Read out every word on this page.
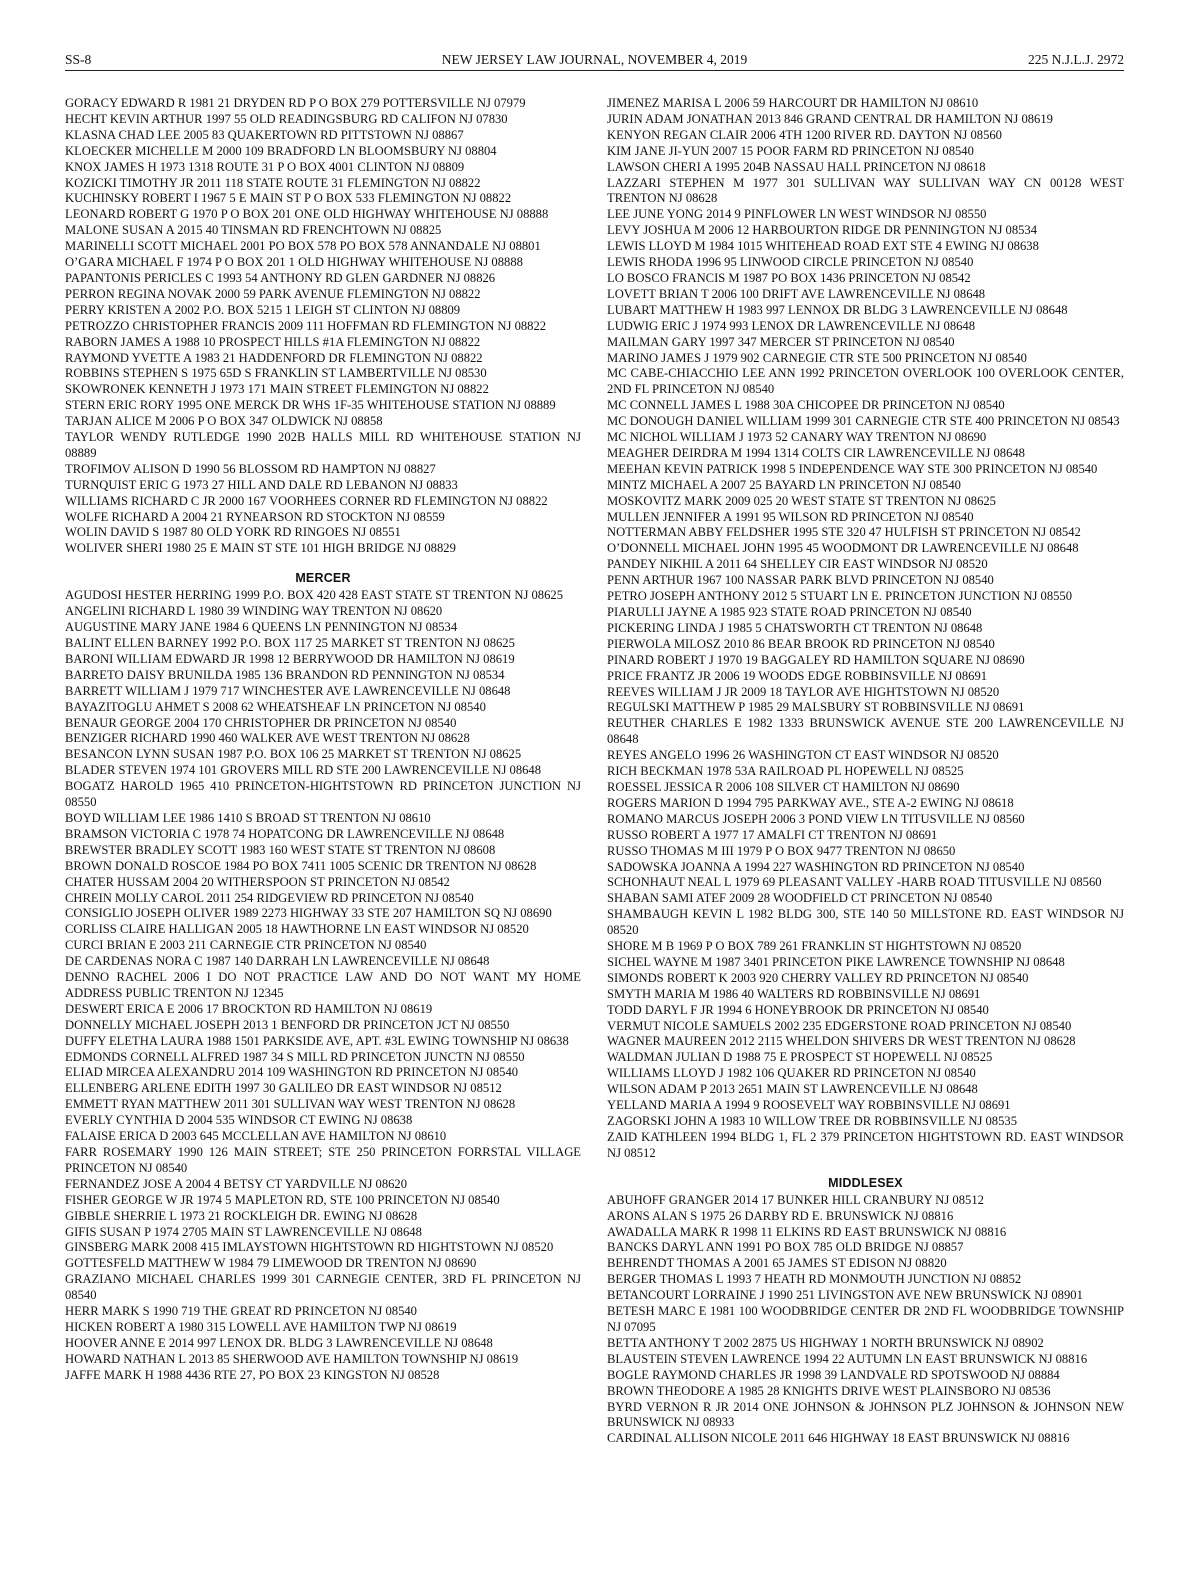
SS-8	NEW JERSEY LAW JOURNAL, NOVEMBER 4, 2019	225 N.J.L.J. 2972

GORACY EDWARD R 1981 21 DRYDEN RD P O BOX 279 POTTERSVILLE NJ 07979

HECHT KEVIN ARTHUR 1997 55 OLD READINGSBURG RD CALIFON NJ 07830

KLASNA CHAD LEE 2005 83 QUAKERTOWN RD PITTSTOWN NJ 08867

KLOECKER MICHELLE M 2000 109 BRADFORD LN BLOOMSBURY NJ 08804

KNOX JAMES H 1973 1318 ROUTE 31 P O BOX 4001 CLINTON NJ 08809

KOZICKI TIMOTHY JR 2011 118 STATE ROUTE 31 FLEMINGTON NJ 08822

KUCHINSKY ROBERT I 1967 5 E MAIN ST P O BOX 533 FLEMINGTON NJ 08822

LEONARD ROBERT G 1970 P O BOX 201 ONE OLD HIGHWAY WHITEHOUSE NJ 08888

MALONE SUSAN A 2015 40 TINSMAN RD FRENCHTOWN NJ 08825

MARINELLI SCOTT MICHAEL 2001 PO BOX 578 PO BOX 578 ANNANDALE NJ 08801

O’GARA MICHAEL F 1974 P O BOX 201 1 OLD HIGHWAY WHITEHOUSE NJ 08888

PAPANTONIS PERICLES C 1993 54 ANTHONY RD GLEN GARDNER NJ 08826

PERRON REGINA NOVAK 2000 59 PARK AVENUE FLEMINGTON NJ 08822

PERRY KRISTEN A 2002 P.O. BOX 5215 1 LEIGH ST CLINTON NJ 08809

PETROZZO CHRISTOPHER FRANCIS 2009 111 HOFFMAN RD FLEMINGTON NJ 08822

RABORN JAMES A 1988 10 PROSPECT HILLS #1A FLEMINGTON NJ 08822

RAYMOND YVETTE A 1983 21 HADDENFORD DR FLEMINGTON NJ 08822

ROBBINS STEPHEN S 1975 65D S FRANKLIN ST LAMBERTVILLE NJ 08530

SKOWRONEK KENNETH J 1973 171 MAIN STREET FLEMINGTON NJ 08822

STERN ERIC RORY 1995 ONE MERCK DR WHS 1F-35 WHITEHOUSE STATION NJ 08889

TARJAN ALICE M 2006 P O BOX 347 OLDWICK NJ 08858

TAYLOR WENDY RUTLEDGE 1990 202B HALLS MILL RD WHITEHOUSE STATION NJ 08889

TROFIMOV ALISON D 1990 56 BLOSSOM RD HAMPTON NJ 08827

TURNQUIST ERIC G 1973 27 HILL AND DALE RD LEBANON NJ 08833

WILLIAMS RICHARD C JR 2000 167 VOORHEES CORNER RD FLEMINGTON NJ 08822

WOLFE RICHARD A 2004 21 RYNEARSON RD STOCKTON NJ 08559

WOLIN DAVID S 1987 80 OLD YORK RD RINGOES NJ 08551

WOLIVER SHERI 1980 25 E MAIN ST STE 101 HIGH BRIDGE NJ 08829

MERCER

AGUDOSI HESTER HERRING 1999 P.O. BOX 420 428 EAST STATE ST TRENTON NJ 08625

ANGELINI RICHARD L 1980 39 WINDING WAY TRENTON NJ 08620

AUGUSTINE MARY JANE 1984 6 QUEENS LN PENNINGTON NJ 08534

BALINT ELLEN BARNEY 1992 P.O. BOX 117 25 MARKET ST TRENTON NJ 08625

BARONI WILLIAM EDWARD JR 1998 12 BERRYWOOD DR HAMILTON NJ 08619

BARRETO DAISY BRUNILDA 1985 136 BRANDON RD PENNINGTON NJ 08534

BARRETT WILLIAM J 1979 717 WINCHESTER AVE LAWRENCEVILLE NJ 08648

BAYAZITOGLU AHMET S 2008 62 WHEATSHEAF LN PRINCETON NJ 08540

BENAUR GEORGE 2004 170 CHRISTOPHER DR PRINCETON NJ 08540

BENZIGER RICHARD 1990 460 WALKER AVE WEST TRENTON NJ 08628

BESANCON LYNN SUSAN 1987 P.O. BOX 106 25 MARKET ST TRENTON NJ 08625

BLADER STEVEN 1974 101 GROVERS MILL RD STE 200 LAWRENCEVILLE NJ 08648

BOGATZ HAROLD 1965 410 PRINCETON-HIGHTSTOWN RD PRINCETON JUNCTION NJ 08550

BOYD WILLIAM LEE 1986 1410 S BROAD ST TRENTON NJ 08610

BRAMSON VICTORIA C 1978 74 HOPATCONG DR LAWRENCEVILLE NJ 08648

BREWSTER BRADLEY SCOTT 1983 160 WEST STATE ST TRENTON NJ 08608

BROWN DONALD ROSCOE 1984 PO BOX 7411 1005 SCENIC DR TRENTON NJ 08628

CHATER HUSSAM 2004 20 WITHERSPOON ST PRINCETON NJ 08542

CHREIN MOLLY CAROL 2011 254 RIDGEVIEW RD PRINCETON NJ 08540

CONSIGLIO JOSEPH OLIVER 1989 2273 HIGHWAY 33 STE 207 HAMILTON SQ NJ 08690

CORLISS CLAIRE HALLIGAN 2005 18 HAWTHORNE LN EAST WINDSOR NJ 08520

CURCI BRIAN E 2003 211 CARNEGIE CTR PRINCETON NJ 08540

DE CARDENAS NORA C 1987 140 DARRAH LN LAWRENCEVILLE NJ 08648

DENNO RACHEL 2006 I DO NOT PRACTICE LAW AND DO NOT WANT MY HOME ADDRESS PUBLIC TRENTON NJ 12345

DESWERT ERICA E 2006 17 BROCKTON RD HAMILTON NJ 08619

DONNELLY MICHAEL JOSEPH 2013 1 BENFORD DR PRINCETON JCT NJ 08550

DUFFY ELETHA LAURA 1988 1501 PARKSIDE AVE, APT. #3L EWING TOWNSHIP NJ 08638

EDMONDS CORNELL ALFRED 1987 34 S MILL RD PRINCETON JUNCTN NJ 08550

ELIAD MIRCEA ALEXANDRU 2014 109 WASHINGTON RD PRINCETON NJ 08540

ELLENBERG ARLENE EDITH 1997 30 GALILEO DR EAST WINDSOR NJ 08512

EMMETT RYAN MATTHEW 2011 301 SULLIVAN WAY WEST TRENTON NJ 08628

EVERLY CYNTHIA D 2004 535 WINDSOR CT EWING NJ 08638

FALAISE ERICA D 2003 645 MCCLELLAN AVE HAMILTON NJ 08610

FARR ROSEMARY 1990 126 MAIN STREET; STE 250 PRINCETON FORRSTAL VILLAGE PRINCETON NJ 08540

FERNANDEZ JOSE A 2004 4 BETSY CT YARDVILLE NJ 08620

FISHER GEORGE W JR 1974 5 MAPLETON RD, STE 100 PRINCETON NJ 08540

GIBBLE SHERRIE L 1973 21 ROCKLEIGH DR. EWING NJ 08628

GIFIS SUSAN P 1974 2705 MAIN ST LAWRENCEVILLE NJ 08648

GINSBERG MARK 2008 415 IMLAYSTOWN HIGHTSTOWN RD HIGHTSTOWN NJ 08520

GOTTESFELD MATTHEW W 1984 79 LIMEWOOD DR TRENTON NJ 08690

GRAZIANO MICHAEL CHARLES 1999 301 CARNEGIE CENTER, 3RD FL PRINCETON NJ 08540

HERR MARK S 1990 719 THE GREAT RD PRINCETON NJ 08540

HICKEN ROBERT A 1980 315 LOWELL AVE HAMILTON TWP NJ 08619

HOOVER ANNE E 2014 997 LENOX DR. BLDG 3 LAWRENCEVILLE NJ 08648

HOWARD NATHAN L 2013 85 SHERWOOD AVE HAMILTON TOWNSHIP NJ 08619

JAFFE MARK H 1988 4436 RTE 27, PO BOX 23 KINGSTON NJ 08528

JIMENEZ MARISA L 2006 59 HARCOURT DR HAMILTON NJ 08610

JURIN ADAM JONATHAN 2013 846 GRAND CENTRAL DR HAMILTON NJ 08619

KENYON REGAN CLAIR 2006 4TH 1200 RIVER RD. DAYTON NJ 08560

KIM JANE JI-YUN 2007 15 POOR FARM RD PRINCETON NJ 08540

LAWSON CHERI A 1995 204B NASSAU HALL PRINCETON NJ 08618

LAZZARI STEPHEN M 1977 301 SULLIVAN WAY SULLIVAN WAY CN 00128 WEST TRENTON NJ 08628

LEE JUNE YONG 2014 9 PINFLOWER LN WEST WINDSOR NJ 08550

LEVY JOSHUA M 2006 12 HARBOURTON RIDGE DR PENNINGTON NJ 08534

LEWIS LLOYD M 1984 1015 WHITEHEAD ROAD EXT STE 4 EWING NJ 08638

LEWIS RHODA 1996 95 LINWOOD CIRCLE PRINCETON NJ 08540

LO BOSCO FRANCIS M 1987 PO BOX 1436 PRINCETON NJ 08542

LOVETT BRIAN T 2006 100 DRIFT AVE LAWRENCEVILLE NJ 08648

LUBART MATTHEW H 1983 997 LENNOX DR BLDG 3 LAWRENCEVILLE NJ 08648

LUDWIG ERIC J 1974 993 LENOX DR LAWRENCEVILLE NJ 08648

MAILMAN GARY 1997 347 MERCER ST PRINCETON NJ 08540

MARINO JAMES J 1979 902 CARNEGIE CTR STE 500 PRINCETON NJ 08540

MC CABE-CHIACCHIO LEE ANN 1992 PRINCETON OVERLOOK 100 OVERLOOK CENTER, 2ND FL PRINCETON NJ 08540

MC CONNELL JAMES L 1988 30A CHICOPEE DR PRINCETON NJ 08540

MC DONOUGH DANIEL WILLIAM 1999 301 CARNEGIE CTR STE 400 PRINCETON NJ 08543

MC NICHOL WILLIAM J 1973 52 CANARY WAY TRENTON NJ 08690

MEAGHER DEIRDRA M 1994 1314 COLTS CIR LAWRENCEVILLE NJ 08648

MEEHAN KEVIN PATRICK 1998 5 INDEPENDENCE WAY STE 300 PRINCETON NJ 08540

MINTZ MICHAEL A 2007 25 BAYARD LN PRINCETON NJ 08540

MOSKOVITZ MARK 2009 025 20 WEST STATE ST TRENTON NJ 08625

MULLEN JENNIFER A 1991 95 WILSON RD PRINCETON NJ 08540

NOTTERMAN ABBY FELDSHER 1995 STE 320 47 HULFISH ST PRINCETON NJ 08542

O’DONNELL MICHAEL JOHN 1995 45 WOODMONT DR LAWRENCEVILLE NJ 08648

PANDEY NIKHIL A 2011 64 SHELLEY CIR EAST WINDSOR NJ 08520

PENN ARTHUR 1967 100 NASSAR PARK BLVD PRINCETON NJ 08540

PETRO JOSEPH ANTHONY 2012 5 STUART LN E. PRINCETON JUNCTION NJ 08550

PIARULLI JAYNE A 1985 923 STATE ROAD PRINCETON NJ 08540

PICKERING LINDA J 1985 5 CHATSWORTH CT TRENTON NJ 08648

PIERWOLA MILOSZ 2010 86 BEAR BROOK RD PRINCETON NJ 08540

PINARD ROBERT J 1970 19 BAGGALEY RD HAMILTON SQUARE NJ 08690

PRICE FRANTZ JR 2006 19 WOODS EDGE ROBBINSVILLE NJ 08691

REEVES WILLIAM J JR 2009 18 TAYLOR AVE HIGHTSTOWN NJ 08520

REGULSKI MATTHEW P 1985 29 MALSBURY ST ROBBINSVILLE NJ 08691

REUTHER CHARLES E 1982 1333 BRUNSWICK AVENUE STE 200 LAWRENCEVILLE NJ 08648

REYES ANGELO 1996 26 WASHINGTON CT EAST WINDSOR NJ 08520

RICH BECKMAN 1978 53A RAILROAD PL HOPEWELL NJ 08525

ROESSEL JESSICA R 2006 108 SILVER CT HAMILTON NJ 08690

ROGERS MARION D 1994 795 PARKWAY AVE., STE A-2 EWING NJ 08618

ROMANO MARCUS JOSEPH 2006 3 POND VIEW LN TITUSVILLE NJ 08560

RUSSO ROBERT A 1977 17 AMALFI CT TRENTON NJ 08691

RUSSO THOMAS M III 1979 P O BOX 9477 TRENTON NJ 08650

SADOWSKA JOANNA A 1994 227 WASHINGTON RD PRINCETON NJ 08540

SCHONHAUT NEAL L 1979 69 PLEASANT VALLEY -HARB ROAD TITUSVILLE NJ 08560

SHABAN SAMI ATEF 2009 28 WOODFIELD CT PRINCETON NJ 08540

SHAMBAUGH KEVIN L 1982 BLDG 300, STE 140 50 MILLSTONE RD. EAST WINDSOR NJ 08520

SHORE M B 1969 P O BOX 789 261 FRANKLIN ST HIGHTSTOWN NJ 08520

SICHEL WAYNE M 1987 3401 PRINCETON PIKE LAWRENCE TOWNSHIP NJ 08648

SIMONDS ROBERT K 2003 920 CHERRY VALLEY RD PRINCETON NJ 08540

SMYTH MARIA M 1986 40 WALTERS RD ROBBINSVILLE NJ 08691

TODD DARYL F JR 1994 6 HONEYBROOK DR PRINCETON NJ 08540

VERMUT NICOLE SAMUELS 2002 235 EDGERSTONE ROAD PRINCETON NJ 08540

WAGNER MAUREEN 2012 2115 WHELDON SHIVERS DR WEST TRENTON NJ 08628

WALDMAN JULIAN D 1988 75 E PROSPECT ST HOPEWELL NJ 08525

WILLIAMS LLOYD J 1982 106 QUAKER RD PRINCETON NJ 08540

WILSON ADAM P 2013 2651 MAIN ST LAWRENCEVILLE NJ 08648

YELLAND MARIA A 1994 9 ROOSEVELT WAY ROBBINSVILLE NJ 08691

ZAGORSKI JOHN A 1983 10 WILLOW TREE DR ROBBINSVILLE NJ 08535

ZAID KATHLEEN 1994 BLDG 1, FL 2 379 PRINCETON HIGHTSTOWN RD. EAST WINDSOR NJ 08512

MIDDLESEX

ABUHOFF GRANGER 2014 17 BUNKER HILL CRANBURY NJ 08512

ARONS ALAN S 1975 26 DARBY RD E. BRUNSWICK NJ 08816

AWADALLA MARK R 1998 11 ELKINS RD EAST BRUNSWICK NJ 08816

BANCKS DARYL ANN 1991 PO BOX 785 OLD BRIDGE NJ 08857

BEHRENDT THOMAS A 2001 65 JAMES ST EDISON NJ 08820

BERGER THOMAS L 1993 7 HEATH RD MONMOUTH JUNCTION NJ 08852

BETANCOURT LORRAINE J 1990 251 LIVINGSTON AVE NEW BRUNSWICK NJ 08901

BETESH MARC E 1981 100 WOODBRIDGE CENTER DR 2ND FL WOODBRIDGE TOWNSHIP NJ 07095

BETTA ANTHONY T 2002 2875 US HIGHWAY 1 NORTH BRUNSWICK NJ 08902

BLAUSTEIN STEVEN LAWRENCE 1994 22 AUTUMN LN EAST BRUNSWICK NJ 08816

BOGLE RAYMOND CHARLES JR 1998 39 LANDVALE RD SPOTSWOOD NJ 08884

BROWN THEODORE A 1985 28 KNIGHTS DRIVE WEST PLAINSBORO NJ 08536

BYRD VERNON R JR 2014 ONE JOHNSON & JOHNSON PLZ JOHNSON & JOHNSON NEW BRUNSWICK NJ 08933

CARDINAL ALLISON NICOLE 2011 646 HIGHWAY 18 EAST BRUNSWICK NJ 08816
